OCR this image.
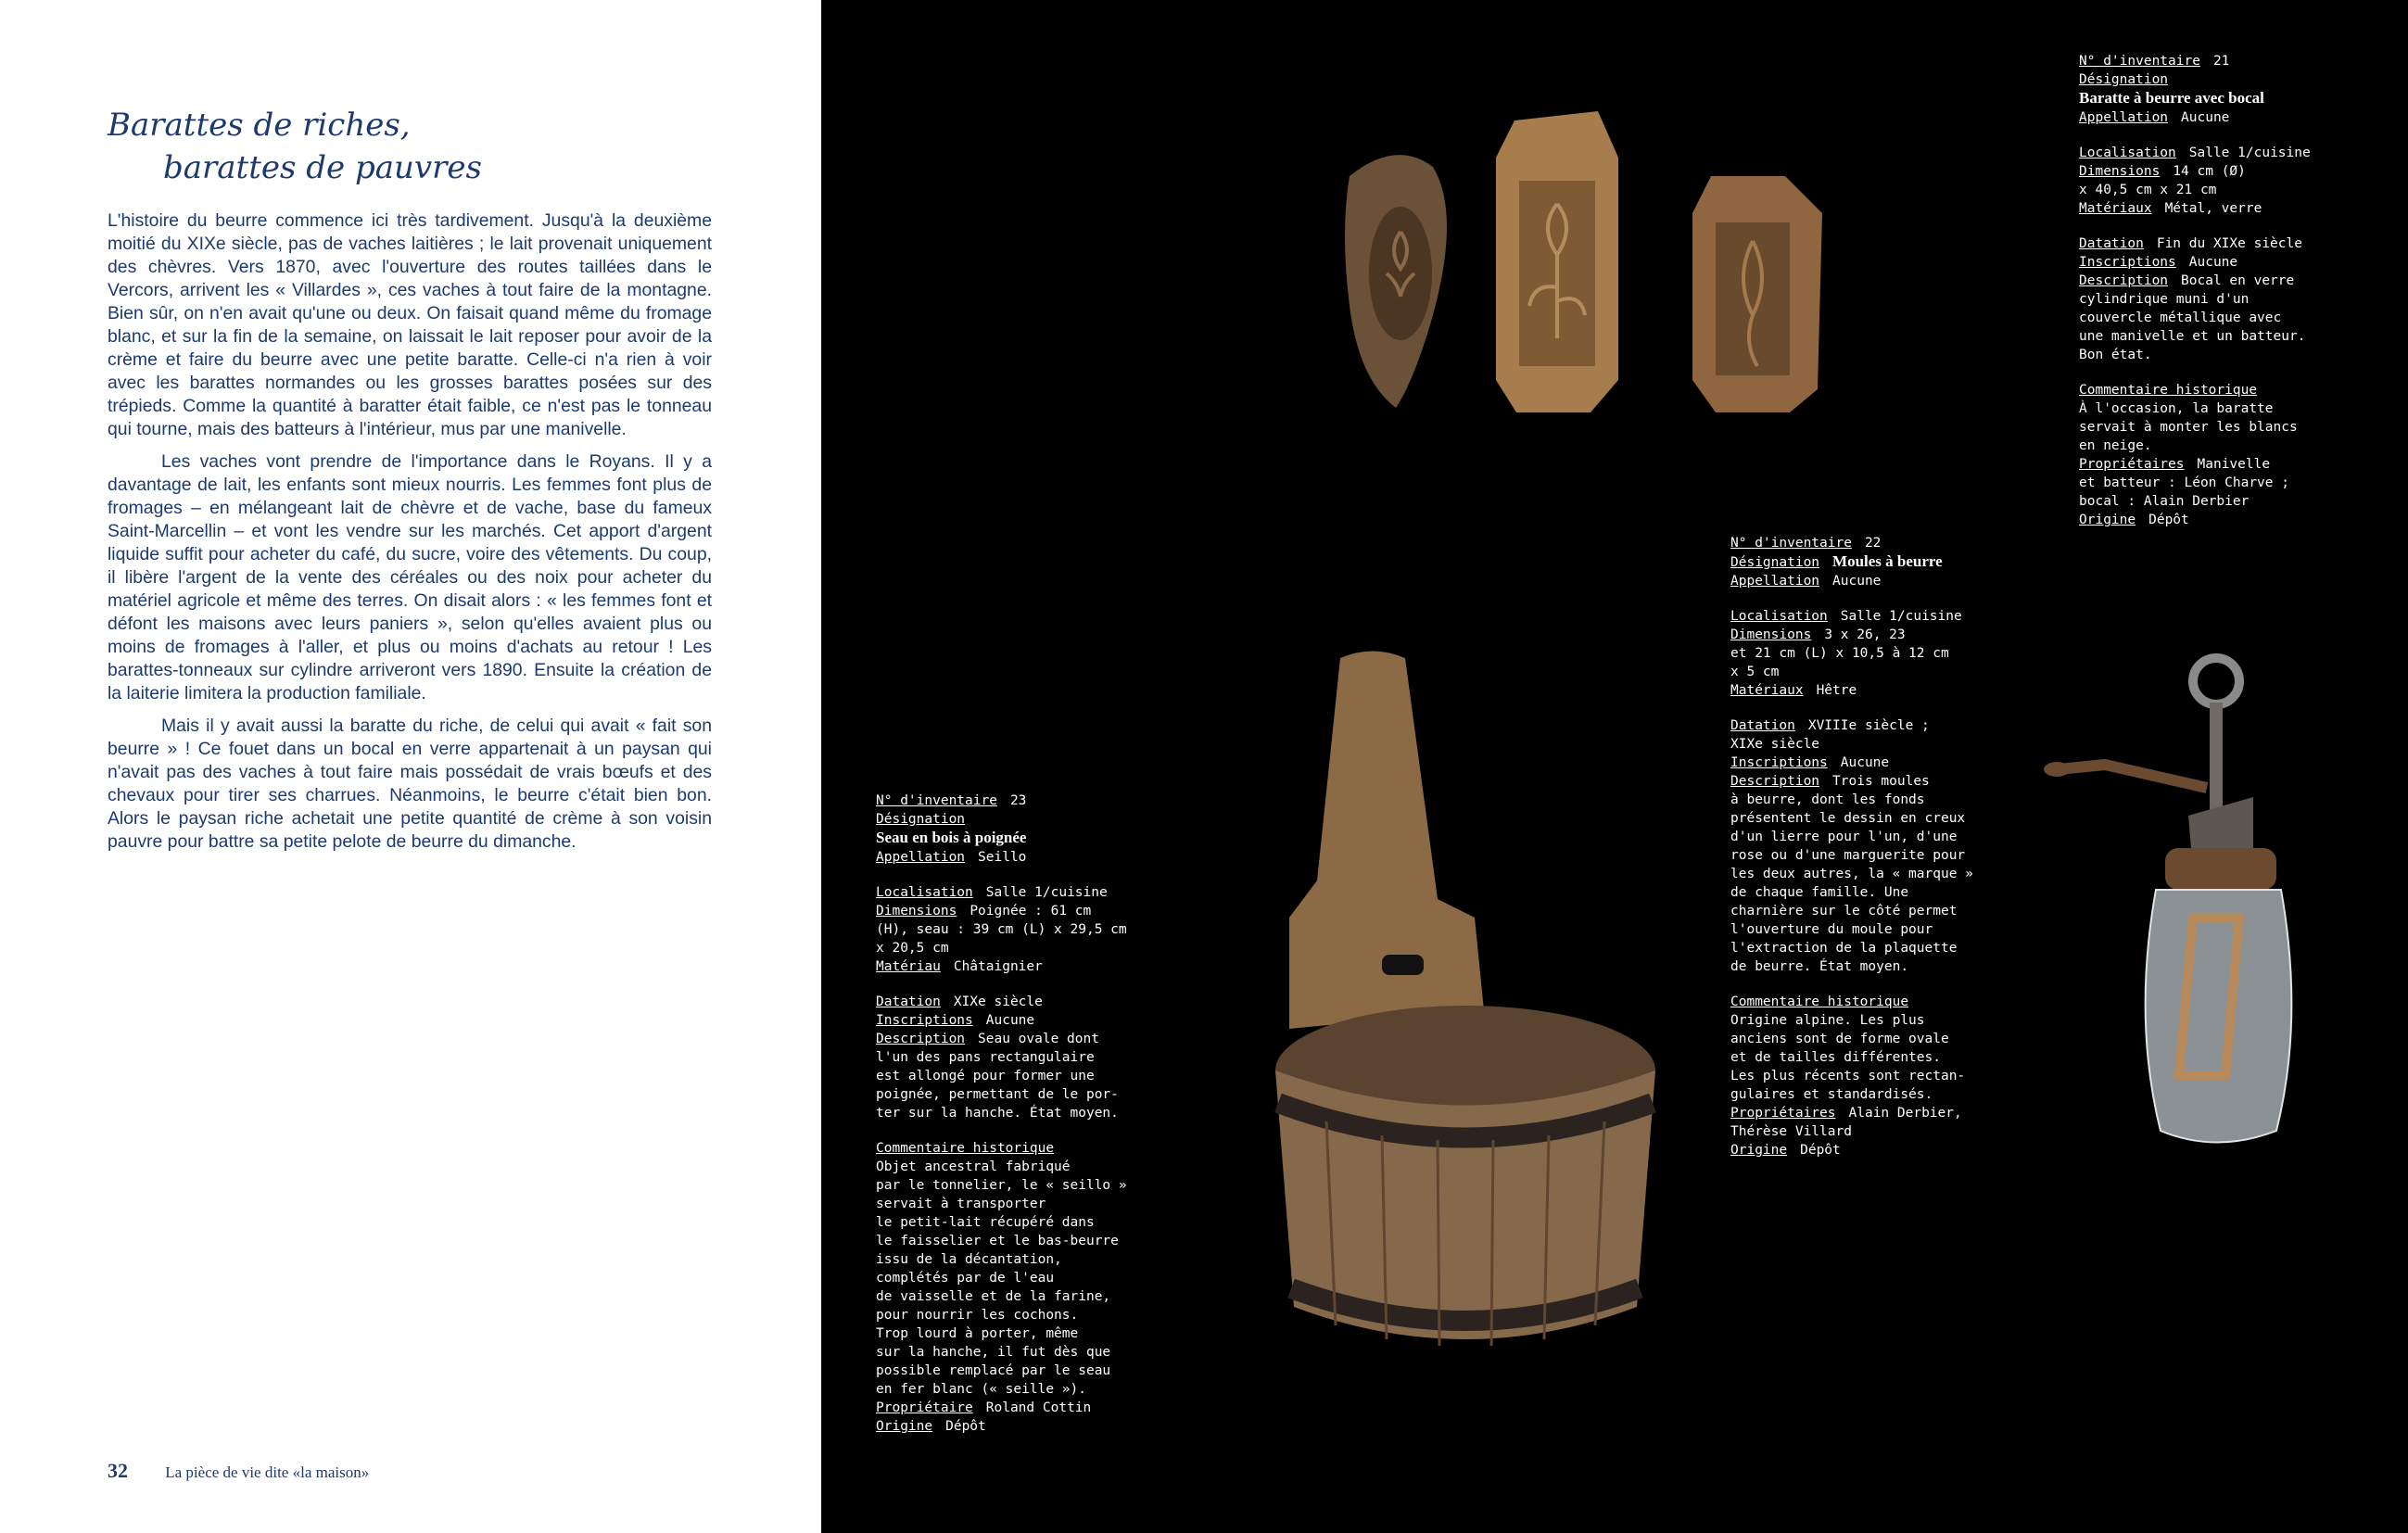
Barattes de riches,
barattes de pauvres

L'histoire du beurre commence ici très tardivement. Jusqu'à la deuxième moitié du XIXe siècle, pas de vaches laitières ; le lait provenait uniquement des chèvres. Vers 1870, avec l'ouverture des routes taillées dans le Vercors, arrivent les « Villardes », ces vaches à tout faire de la montagne. Bien sûr, on n'en avait qu'une ou deux. On faisait quand même du fromage blanc, et sur la fin de la semaine, on laissait le lait reposer pour avoir de la crème et faire du beurre avec une petite baratte. Celle-ci n'a rien à voir avec les barattes normandes ou les grosses barattes posées sur des trépieds. Comme la quantité à baratter était faible, ce n'est pas le tonneau qui tourne, mais des batteurs à l'intérieur, mus par une manivelle.

Les vaches vont prendre de l'importance dans le Royans. Il y a davantage de lait, les enfants sont mieux nourris. Les femmes font plus de fromages – en mélangeant lait de chèvre et de vache, base du fameux Saint-Marcellin – et vont les vendre sur les marchés. Cet apport d'argent liquide suffit pour acheter du café, du sucre, voire des vêtements. Du coup, il libère l'argent de la vente des céréales ou des noix pour acheter du matériel agricole et même des terres. On disait alors : « les femmes font et défont les maisons avec leurs paniers », selon qu'elles avaient plus ou moins de fromages à l'aller, et plus ou moins d'achats au retour ! Les barattes-tonneaux sur cylindre arriveront vers 1890. Ensuite la création de la laiterie limitera la production familiale.

Mais il y avait aussi la baratte du riche, de celui qui avait « fait son beurre » ! Ce fouet dans un bocal en verre appartenait à un paysan qui n'avait pas des vaches à tout faire mais possédait de vrais bœufs et des chevaux pour tirer ses charrues. Néanmoins, le beurre c'était bien bon. Alors le paysan riche achetait une petite quantité de crème à son voisin pauvre pour battre sa petite pelote de beurre du dimanche.

32 La pièce de vie dite «la maison»
N° d'inventaire 21
Désignation
Baratte à beurre avec bocal
Appellation Aucune
Localisation Salle 1/cuisine
Dimensions 14 cm (Ø)
x 40,5 cm x 21 cm
Matériaux Métal, verre
Datation Fin du XIXe siècle
Inscriptions Aucune
Description Bocal en verre
cylindrique muni d'un
couvercle métallique avec
une manivelle et un batteur.
Bon état.
Commentaire historique
À l'occasion, la baratte
servait à monter les blancs
en neige.
Propriétaires Manivelle
et batteur : Léon Charve ;
bocal : Alain Derbier
Origine Dépôt
N° d'inventaire 22
Désignation Moules à beurre
Appellation Aucune
Localisation Salle 1/cuisine
Dimensions 3 x 26, 23
et 21 cm (L) x 10,5 à 12 cm
x 5 cm
Matériaux Hêtre
Datation XVIIIe siècle ;
XIXe siècle
Inscriptions Aucune
Description Trois moules
à beurre, dont les fonds
présentent le dessin en creux
d'un lierre pour l'un, d'une
rose ou d'une marguerite pour
les deux autres, la « marque »
de chaque famille. Une
charnière sur le côté permet
l'ouverture du moule pour
l'extraction de la plaquette
de beurre. État moyen.
Commentaire historique
Origine alpine. Les plus
anciens sont de forme ovale
et de tailles différentes.
Les plus récents sont rectan-
gulaires et standardisés.
Propriétaires Alain Derbier,
Thérèse Villard
Origine Dépôt
N° d'inventaire 23
Désignation
Seau en bois à poignée
Appellation Seillo
Localisation Salle 1/cuisine
Dimensions Poignée : 61 cm
(H), seau : 39 cm (L) x 29,5 cm
x 20,5 cm
Matériau Châtaignier
Datation XIXe siècle
Inscriptions Aucune
Description Seau ovale dont
l'un des pans rectangulaire
est allongé pour former une
poignée, permettant de le por-
ter sur la hanche. État moyen.
Commentaire historique
Objet ancestral fabriqué
par le tonnelier, le « seillo »
servait à transporter
le petit-lait récupéré dans
le faisselier et le bas-beurre
issu de la décantation,
complétés par de l'eau
de vaisselle et de la farine,
pour nourrir les cochons.
Trop lourd à porter, même
sur la hanche, il fut dès que
possible remplacé par le seau
en fer blanc (« seille »).
Propriétaire Roland Cottin
Origine Dépôt
